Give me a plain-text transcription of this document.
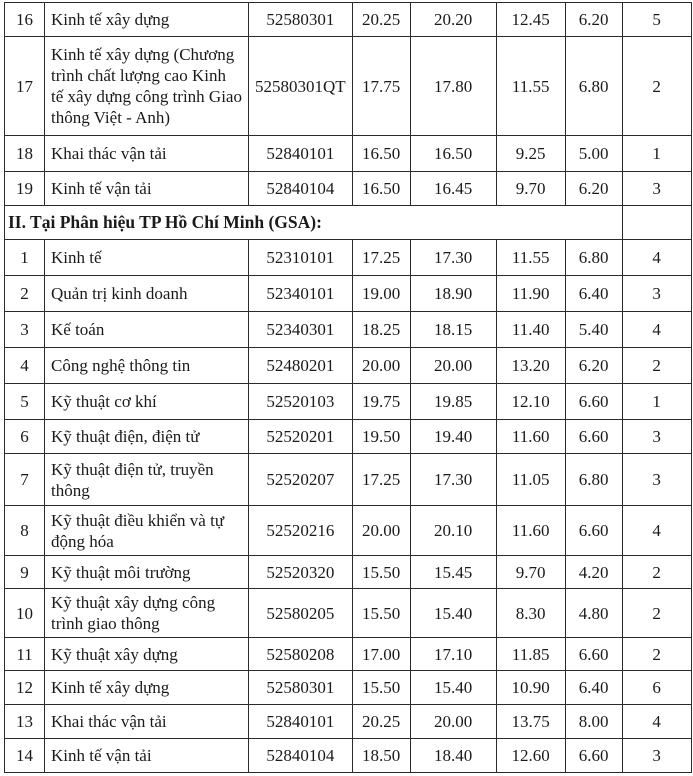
16	Kinh tế xây dựng	52580301	20.25	20.20	12.45	6.20	5
17	Kinh tế xây dựng (Chương trình chất lượng cao Kinh tế xây dựng công trình Giao thông Việt - Anh)	52580301QT	17.75	17.80	11.55	6.80	2
18	Khai thác vận tải	52840101	16.50	16.50	9.25	5.00	1
19	Kinh tế vận tải	52840104	16.50	16.45	9.70	6.20	3
II. Tại Phân hiệu TP Hồ Chí Minh (GSA):							
1	Kinh tế	52310101	17.25	17.30	11.55	6.80	4
2	Quản trị kinh doanh	52340101	19.00	18.90	11.90	6.40	3
3	Kế toán	52340301	18.25	18.15	11.40	5.40	4
4	Công nghệ thông tin	52480201	20.00	20.00	13.20	6.20	2
5	Kỹ thuật cơ khí	52520103	19.75	19.85	12.10	6.60	1
6	Kỹ thuật điện, điện tử	52520201	19.50	19.40	11.60	6.60	3
7	Kỹ thuật điện tử, truyền thông	52520207	17.25	17.30	11.05	6.80	3
8	Kỹ thuật điều khiển và tự động hóa	52520216	20.00	20.10	11.60	6.60	4
9	Kỹ thuật môi trường	52520320	15.50	15.45	9.70	4.20	2
10	Kỹ thuật xây dựng công trình giao thông	52580205	15.50	15.40	8.30	4.80	2
11	Kỹ thuật xây dựng	52580208	17.00	17.10	11.85	6.60	2
12	Kinh tế xây dựng	52580301	15.50	15.40	10.90	6.40	6
13	Khai thác vận tải	52840101	20.25	20.00	13.75	8.00	4
14	Kinh tế vận tải	52840104	18.50	18.40	12.60	6.60	3
